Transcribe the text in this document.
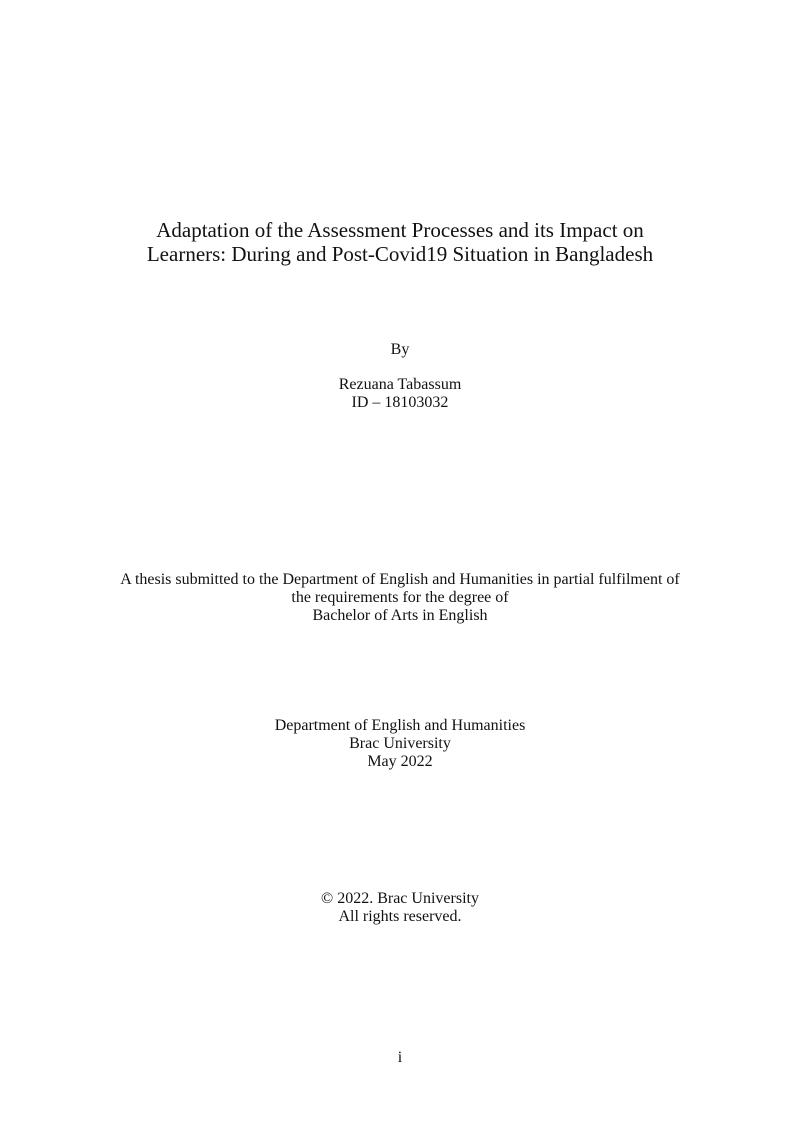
Adaptation of the Assessment Processes and its Impact on
Learners: During and Post-Covid19 Situation in Bangladesh
By
Rezuana Tabassum
ID – 18103032
A thesis submitted to the Department of English and Humanities in partial fulfilment of
the requirements for the degree of
Bachelor of Arts in English
Department of English and Humanities
Brac University
May 2022
© 2022. Brac University
All rights reserved.
i
